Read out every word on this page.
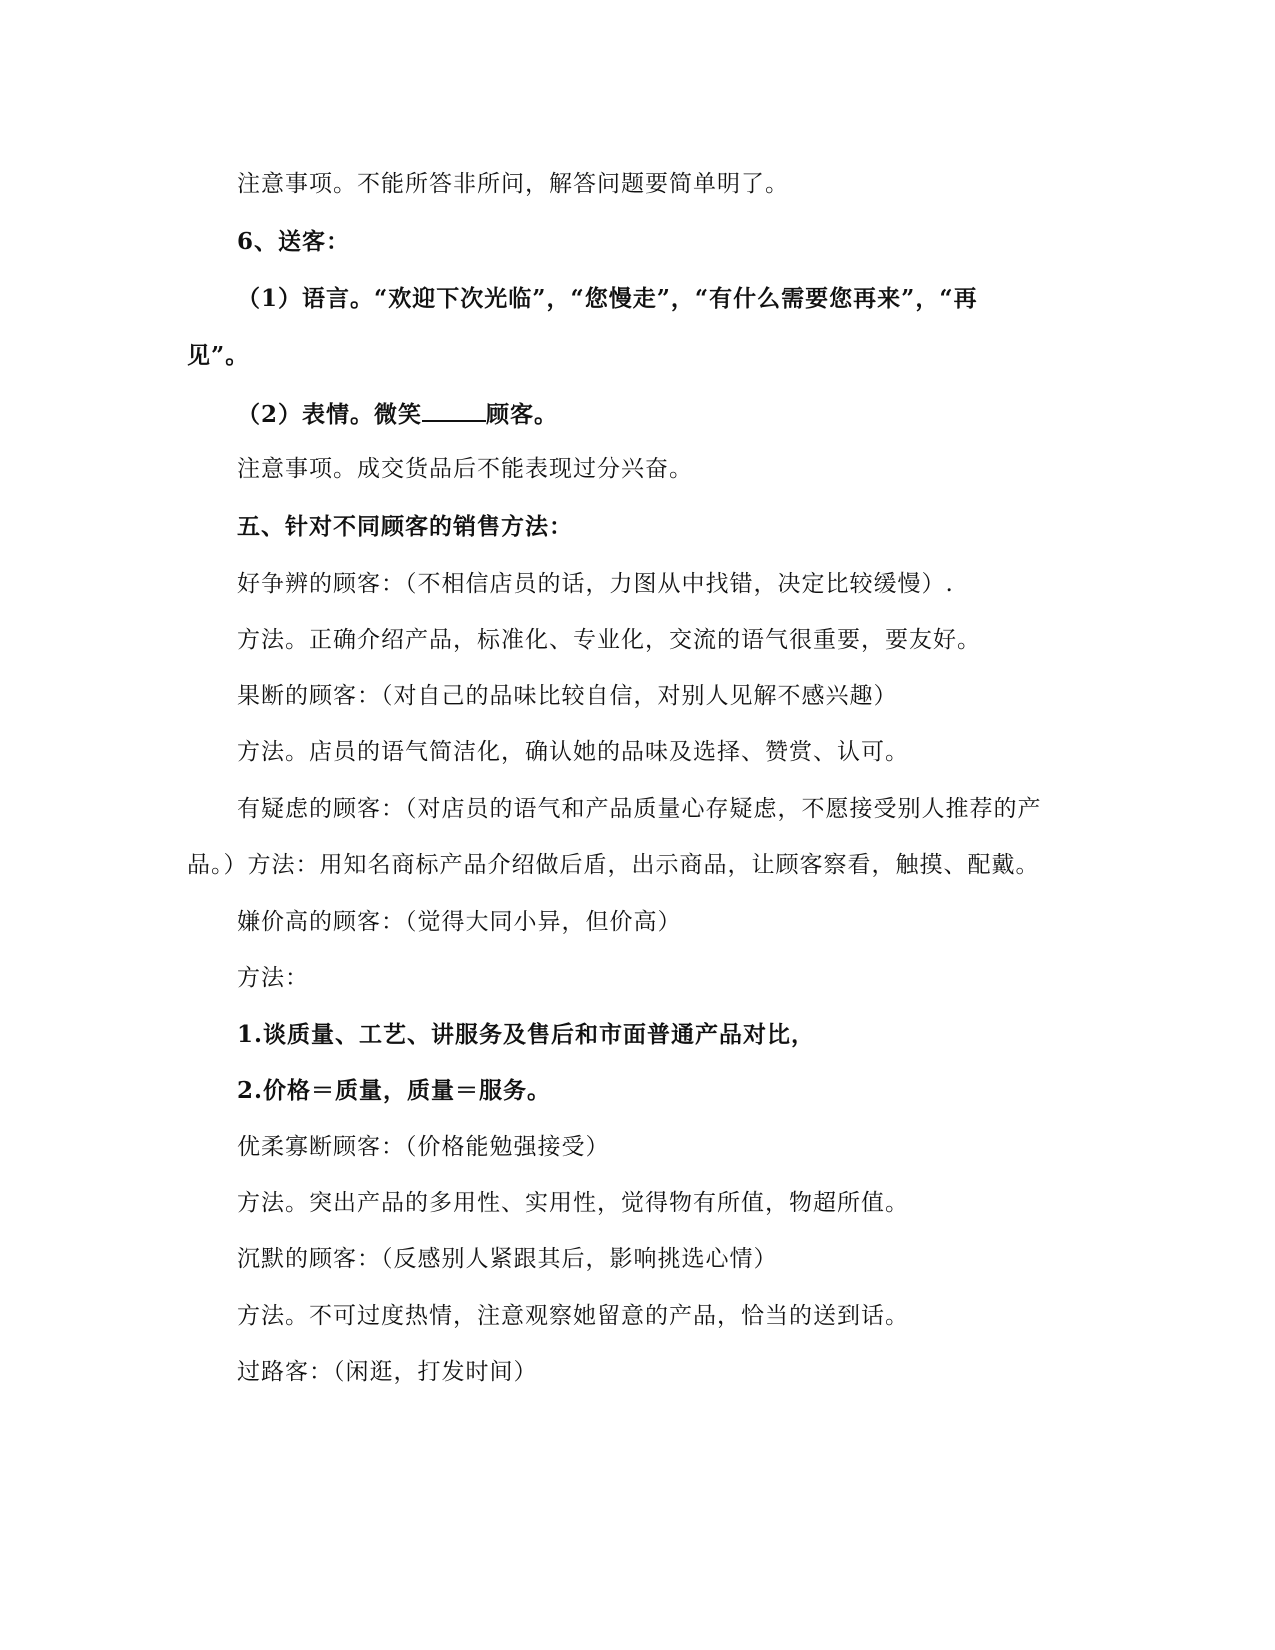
注意事项。不能所答非所问，解答问题要简单明了。
6、送客：
（1）语言。“欢迎下次光临”，“您慢走”，“有什么需要您再来”，“再
见”。
（2）表情。微笑	顾客。
注意事项。成交货品后不能表现过分兴奋。
五、针对不同顾客的销售方法：
好争辨的顾客：（不相信店员的话，力图从中找错，决定比较缓慢）.
方法。正确介绍产品，标准化、专业化，交流的语气很重要，要友好。
果断的顾客：（对自己的品味比较自信，对别人见解不感兴趣）
方法。店员的语气简洁化，确认她的品味及选择、赞赏、认可。
有疑虑的顾客：（对店员的语气和产品质量心存疑虑，不愿接受别人推荐的产
品。）方法：用知名商标产品介绍做后盾，出示商品，让顾客察看，触摸、配戴。
嫌价高的顾客：（觉得大同小异，但价高）
方法：
1.谈质量、工艺、讲服务及售后和市面普通产品对比，
2.价格＝质量，质量＝服务。
优柔寡断顾客：（价格能勉强接受）
方法。突出产品的多用性、实用性，觉得物有所值，物超所值。
沉默的顾客：（反感别人紧跟其后，影响挑选心情）
方法。不可过度热情，注意观察她留意的产品，恰当的送到话。
过路客：（闲逛，打发时间）
